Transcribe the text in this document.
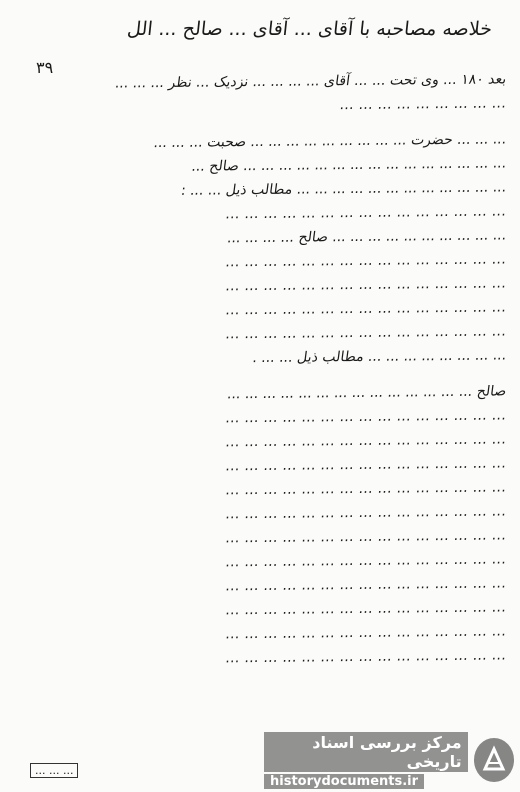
خلاصه مصاحبه با آقای ... آقای ... صالح ... الل
۳۹
بعد ۱۸۰ ... وی تحت ... ... آقای ... ... ... ... نزدیک ... نظر ... ... ...
... ... ... ... ... ... ... ... ...
... ... ... حضرت ... ... ... ... ... ... ... ... ... صحبت ... ... ...
... ... ... ... ... ... ... ... ... ... ... ... ... ... ... صالح ...
... ... ... ... ... ... ... ... ... ... ... ... مطالب ذیل ... ... :
... ... ... ... ... ... ... ... ... ... ... ... ... ... ...
... ... ... ... ... ... ... ... ... ... صالح ... ... ... ...
... ... ... ... ... ... ... ... ... ... ... ... ... ... ...
... ... ... ... ... ... ... ... ... ... ... ... ... ... ...
... ... ... ... ... ... ... ... ... ... ... ... ... ... ...
... ... ... ... ... ... ... ... ... ... ... ... ... ... ...
... ... ... ... ... ... ... ... مطالب ذیل ... ... .
صالح ... ... ... ... ... ... ... ... ... ... ... ... ... ...
... ... ... ... ... ... ... ... ... ... ... ... ... ... ...
... ... ... ... ... ... ... ... ... ... ... ... ... ... ...
... ... ... ... ... ... ... ... ... ... ... ... ... ... ...
... ... ... ... ... ... ... ... ... ... ... ... ... ... ...
... ... ... ... ... ... ... ... ... ... ... ... ... ... ...
... ... ... ... ... ... ... ... ... ... ... ... ... ... ...
... ... ... ... ... ... ... ... ... ... ... ... ... ... ...
... ... ... ... ... ... ... ... ... ... ... ... ... ... ...
... ... ... ... ... ... ... ... ... ... ... ... ... ... ...
... ... ... ... ... ... ... ... ... ... ... ... ... ... ...
... ... ... ... ... ... ... ... ... ... ... ... ... ... ...
... ... ...
مرکز بررسی اسناد تاریخی
historydocuments.ir
